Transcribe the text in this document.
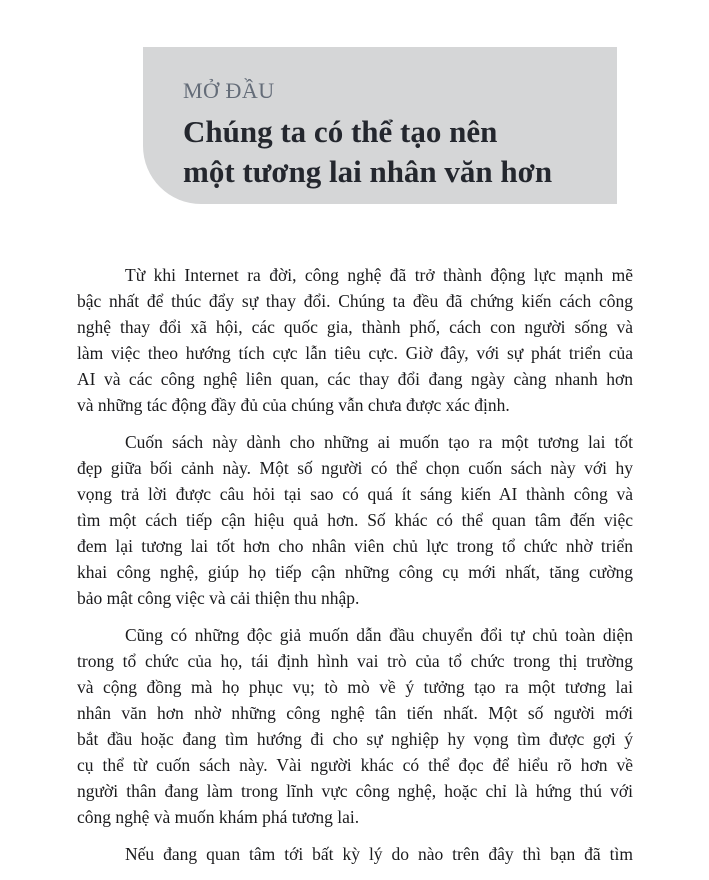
MỞ ĐẦU
Chúng ta có thể tạo nên
một tương lai nhân văn hơn
Từ khi Internet ra đời, công nghệ đã trở thành động lực mạnh mẽ
bậc nhất để thúc đẩy sự thay đổi. Chúng ta đều đã chứng kiến cách công
nghệ thay đổi xã hội, các quốc gia, thành phố, cách con người sống và
làm việc theo hướng tích cực lẫn tiêu cực. Giờ đây, với sự phát triển của
AI và các công nghệ liên quan, các thay đổi đang ngày càng nhanh hơn
và những tác động đầy đủ của chúng vẫn chưa được xác định.
Cuốn sách này dành cho những ai muốn tạo ra một tương lai tốt
đẹp giữa bối cảnh này. Một số người có thể chọn cuốn sách này với hy
vọng trả lời được câu hỏi tại sao có quá ít sáng kiến AI thành công và
tìm một cách tiếp cận hiệu quả hơn. Số khác có thể quan tâm đến việc
đem lại tương lai tốt hơn cho nhân viên chủ lực trong tổ chức nhờ triển
khai công nghệ, giúp họ tiếp cận những công cụ mới nhất, tăng cường
bảo mật công việc và cải thiện thu nhập.
Cũng có những độc giả muốn dẫn đầu chuyển đổi tự chủ toàn diện
trong tổ chức của họ, tái định hình vai trò của tổ chức trong thị trường
và cộng đồng mà họ phục vụ; tò mò về ý tưởng tạo ra một tương lai
nhân văn hơn nhờ những công nghệ tân tiến nhất. Một số người mới
bắt đầu hoặc đang tìm hướng đi cho sự nghiệp hy vọng tìm được gợi ý
cụ thể từ cuốn sách này. Vài người khác có thể đọc để hiểu rõ hơn về
người thân đang làm trong lĩnh vực công nghệ, hoặc chỉ là hứng thú với
công nghệ và muốn khám phá tương lai.
Nếu đang quan tâm tới bất kỳ lý do nào trên đây thì bạn đã tìm
